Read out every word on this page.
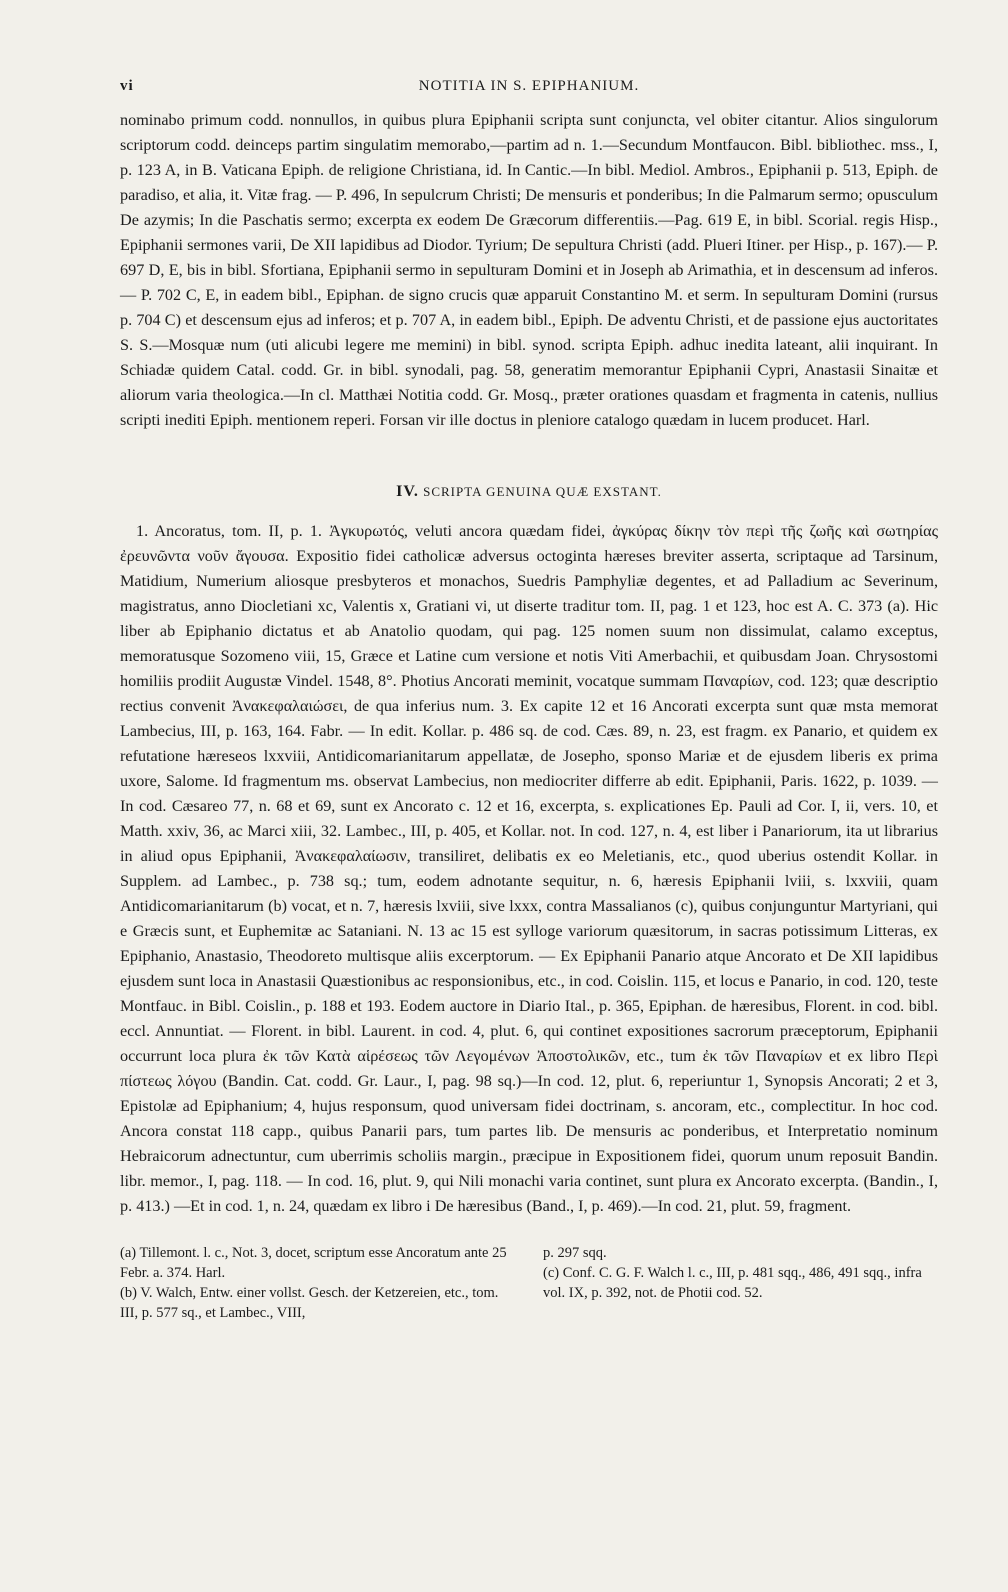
vi	NOTITIA IN S. EPIPHANIUM.

nominabo primum codd. nonnullos, in quibus plura Epiphanii scripta sunt conjuncta, vel obiter citantur. Alios singulorum scriptorum codd. deinceps partim singulatim memorabo,—partim ad n. 1.—Secundum Montfaucon. Bibl. bibliothec. mss., I, p. 123 A, in B. Vaticana Epiph. de religione Christiana, id. In Cantic.—In bibl. Mediol. Ambros., Epiphanii p. 513, Epiph. de paradiso, et alia, it. Vitæ frag. — P. 496, In sepulcrum Christi; De mensuris et ponderibus; In die Palmarum sermo; opusculum De azymis; In die Paschatis sermo; excerpta ex eodem De Græcorum differentiis.—Pag. 619 E, in bibl. Scorial. regis Hisp., Epiphanii sermones varii, De XII lapidibus ad Diodor. Tyrium; De sepultura Christi (add. Plueri Itiner. per Hisp., p. 167).— P. 697 D, E, bis in bibl. Sfortiana, Epiphanii sermo in sepulturam Domini et in Joseph ab Arimathia, et in descensum ad inferos. — P. 702 C, E, in eadem bibl., Epiphan. de signo crucis quæ apparuit Constantino M. et serm. In sepulturam Domini (rursus p. 704 C) et descensum ejus ad inferos; et p. 707 A, in eadem bibl., Epiph. De adventu Christi, et de passione ejus auctoritates S. S.—Mosquæ num (uti alicubi legere me memini) in bibl. synod. scripta Epiph. adhuc inedita lateant, alii inquirant. In Schiadæ quidem Catal. codd. Gr. in bibl. synodali, pag. 58, generatim memorantur Epiphanii Cypri, Anastasii Sinaitæ et aliorum varia theologica.—In cl. Matthæi Notitia codd. Gr. Mosq., præter orationes quasdam et fragmenta in catenis, nullius scripti inediti Epiph. mentionem reperi. Forsan vir ille doctus in pleniore catalogo quædam in lucem producet. Harl.

IV. SCRIPTA GENUINA QUÆ EXSTANT.

1. Ancoratus, tom. II, p. 1. Ἀγκυρωτός, veluti ancora quædam fidei, ἀγκύρας δίκην τὸν περὶ τῆς ζωῆς καὶ σωτηρίας ἐρευνῶντα νοῦν ἄγουσα. Expositio fidei catholicæ adversus octoginta hæreses breviter asserta, scriptaque ad Tarsinum, Matidium, Numerium aliosque presbyteros et monachos, Suedris Pamphyliæ degentes, et ad Palladium ac Severinum, magistratus, anno Diocletiani xc, Valentis x, Gratiani vi, ut diserte traditur tom. II, pag. 1 et 123, hoc est A. C. 373 (a). Hic liber ab Epiphanio dictatus et ab Anatolio quodam, qui pag. 125 nomen suum non dissimulat, calamo exceptus, memoratusque Sozomeno viii, 15, Græce et Latine cum versione et notis Viti Amerbachii, et quibusdam Joan. Chrysostomi homiliis prodiit Augustæ Vindel. 1548, 8°. Photius Ancorati meminit, vocatque summam Παναρίων, cod. 123; quæ descriptio rectius convenit Ἀνακεφαλαιώσει, de qua inferius num. 3. Ex capite 12 et 16 Ancorati excerpta sunt quæ msta memorat Lambecius, III, p. 163, 164. Fabr. — In edit. Kollar. p. 486 sq. de cod. Cæs. 89, n. 23, est fragm. ex Panario, et quidem ex refutatione hæreseos lxxviii, Antidicomarianitarum appellatæ, de Josepho, sponso Mariæ et de ejusdem liberis ex prima uxore, Salome. Id fragmentum ms. observat Lambecius, non mediocriter differre ab edit. Epiphanii, Paris. 1622, p. 1039. — In cod. Cæsareo 77, n. 68 et 69, sunt ex Ancorato c. 12 et 16, excerpta, s. explicationes Ep. Pauli ad Cor. I, ii, vers. 10, et Matth. xxiv, 36, ac Marci xiii, 32. Lambec., III, p. 405, et Kollar. not. In cod. 127, n. 4, est liber i Panariorum, ita ut librarius in aliud opus Epiphanii, Ἀνακεφαλαίωσιν, transiliret, delibatis ex eo Meletianis, etc., quod uberius ostendit Kollar. in Supplem. ad Lambec., p. 738 sq.; tum, eodem adnotante sequitur, n. 6, hæresis Epiphanii lviii, s. lxxviii, quam Antidicomarianitarum (b) vocat, et n. 7, hæresis lxviii, sive lxxx, contra Massalianos (c), quibus conjunguntur Martyriani, qui e Græcis sunt, et Euphemitæ ac Sataniani. N. 13 ac 15 est sylloge variorum quæsitorum, in sacras potissimum Litteras, ex Epiphanio, Anastasio, Theodoreto multisque aliis excerptorum. — Ex Epiphanii Panario atque Ancorato et De XII lapidibus ejusdem sunt loca in Anastasii Quæstionibus ac responsionibus, etc., in cod. Coislin. 115, et locus e Panario, in cod. 120, teste Montfauc. in Bibl. Coislin., p. 188 et 193. Eodem auctore in Diario Ital., p. 365, Epiphan. de hæresibus, Florent. in cod. bibl. eccl. Annuntiat. — Florent. in bibl. Laurent. in cod. 4, plut. 6, qui continet expositiones sacrorum præceptorum, Epiphanii occurrunt loca plura ἐκ τῶν Κατὰ αἱρέσεως τῶν Λεγομένων Ἀποστολικῶν, etc., tum ἐκ τῶν Παναρίων et ex libro Περὶ πίστεως λόγου (Bandin. Cat. codd. Gr. Laur., I, pag. 98 sq.)—In cod. 12, plut. 6, reperiuntur 1, Synopsis Ancorati; 2 et 3, Epistolæ ad Epiphanium; 4, hujus responsum, quod universam fidei doctrinam, s. ancoram, etc., complectitur. In hoc cod. Ancora constat 118 capp., quibus Panarii pars, tum partes lib. De mensuris ac ponderibus, et Interpretatio nominum Hebraicorum adnectuntur, cum uberrimis scholiis margin., præcipue in Expositionem fidei, quorum unum reposuit Bandin. libr. memor., I, pag. 118. — In cod. 16, plut. 9, qui Nili monachi varia continet, sunt plura ex Ancorato excerpta. (Bandin., I, p. 413.) —Et in cod. 1, n. 24, quædam ex libro i De hæresibus (Band., I, p. 469).—In cod. 21, plut. 59, fragment.

(a) Tillemont. l. c., Not. 3, docet, scriptum esse Ancoratum ante 25 Febr. a. 374. Harl.
(b) V. Walch, Entw. einer vollst. Gesch. der Ketzereien, etc., tom. III, p. 577 sq., et Lambec., VIII,

p. 297 sqq.
(c) Conf. C. G. F. Walch l. c., III, p. 481 sqq., 486, 491 sqq., infra vol. IX, p. 392, not. de Photii cod. 52.
